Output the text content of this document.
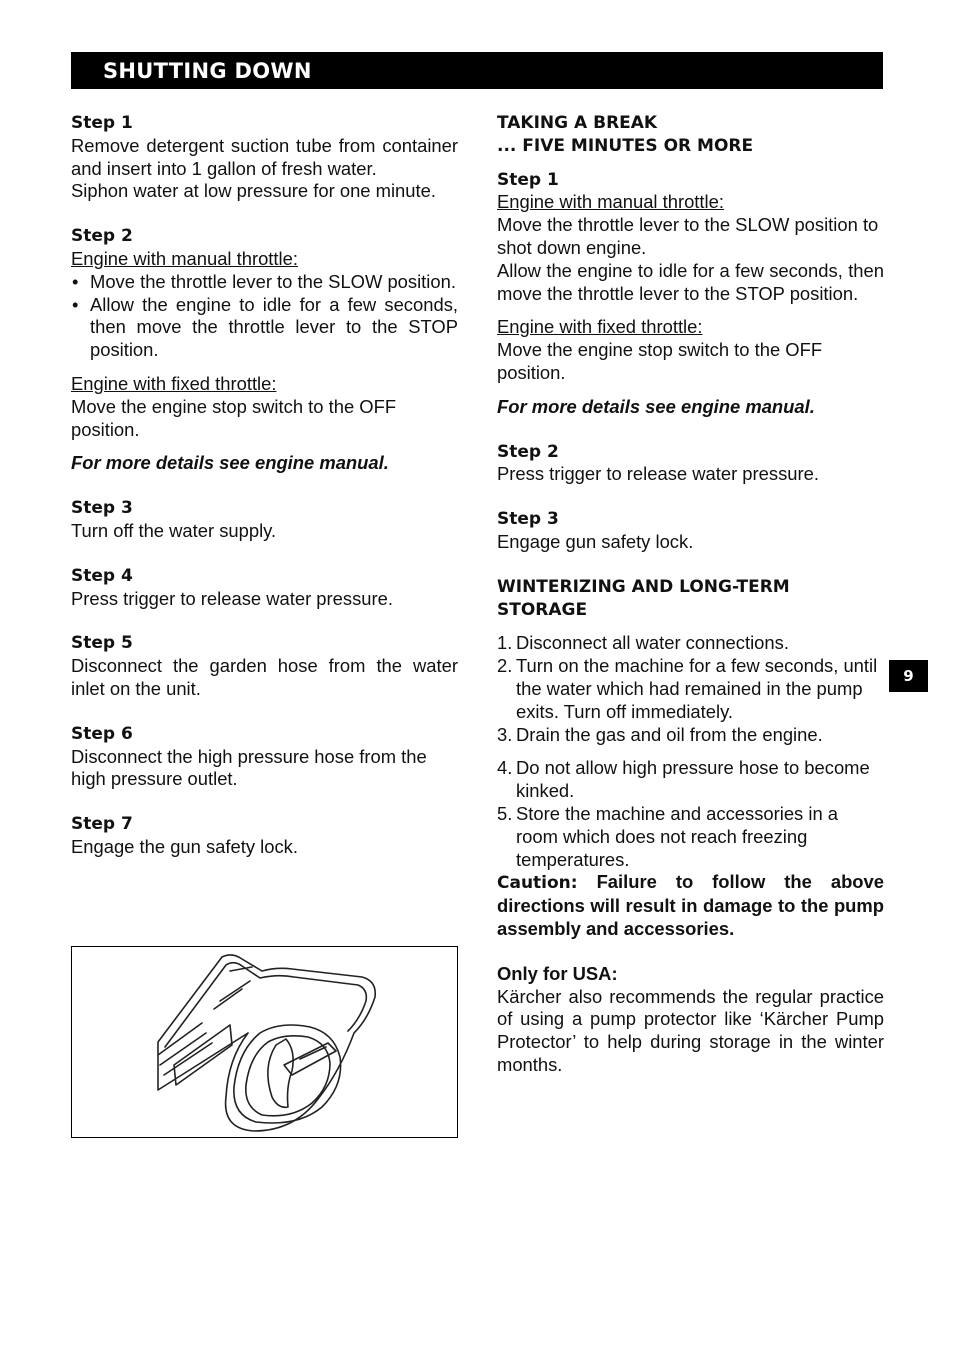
SHUTTING DOWN
Step 1

Remove detergent suction tube from container and insert into 1 gallon of fresh water.

Siphon water at low pressure for one minute.

Step 2

Engine with manual throttle:

• Move the throttle lever to the SLOW position.
• Allow the engine to idle for a few seconds, then move the throttle lever to the STOP position.

Engine with fixed throttle:

Move the engine stop switch to the OFF position.

For more details see engine manual.

Step 3

Turn off the water supply.

Step 4

Press trigger to release water pressure.

Step 5

Disconnect the garden hose from the water inlet on the unit.

Step 6

Disconnect the high pressure hose from the high pressure outlet.

Step 7

Engage the gun safety lock.

TAKING A BREAK
... FIVE MINUTES OR MORE
Step 1

Engine with manual throttle:

Move the throttle lever to the SLOW position to shot down engine.

Allow the engine to idle for a few seconds, then move the throttle lever to the STOP position.

Engine with fixed throttle:

Move the engine stop switch to the OFF position.

For more details see engine manual.

Step 2

Press trigger to release water pressure.

Step 3

Engage gun safety lock.

WINTERIZING AND LONG-TERM
STORAGE
1. Disconnect all water connections.
2. Turn on the machine for a few seconds, until the water which had remained in the pump exits. Turn off immediately.
3. Drain the gas and oil from the engine.
4. Do not allow high pressure hose to become kinked.
5. Store the machine and accessories in a room which does not reach freezing temperatures.

Caution: Failure to follow the above directions will result in damage to the pump assembly and accessories.

Only for USA:

Kärcher also recommends the regular practice of using a pump protector like ‘Kärcher Pump Protector’ to help during storage in the winter months.

9
